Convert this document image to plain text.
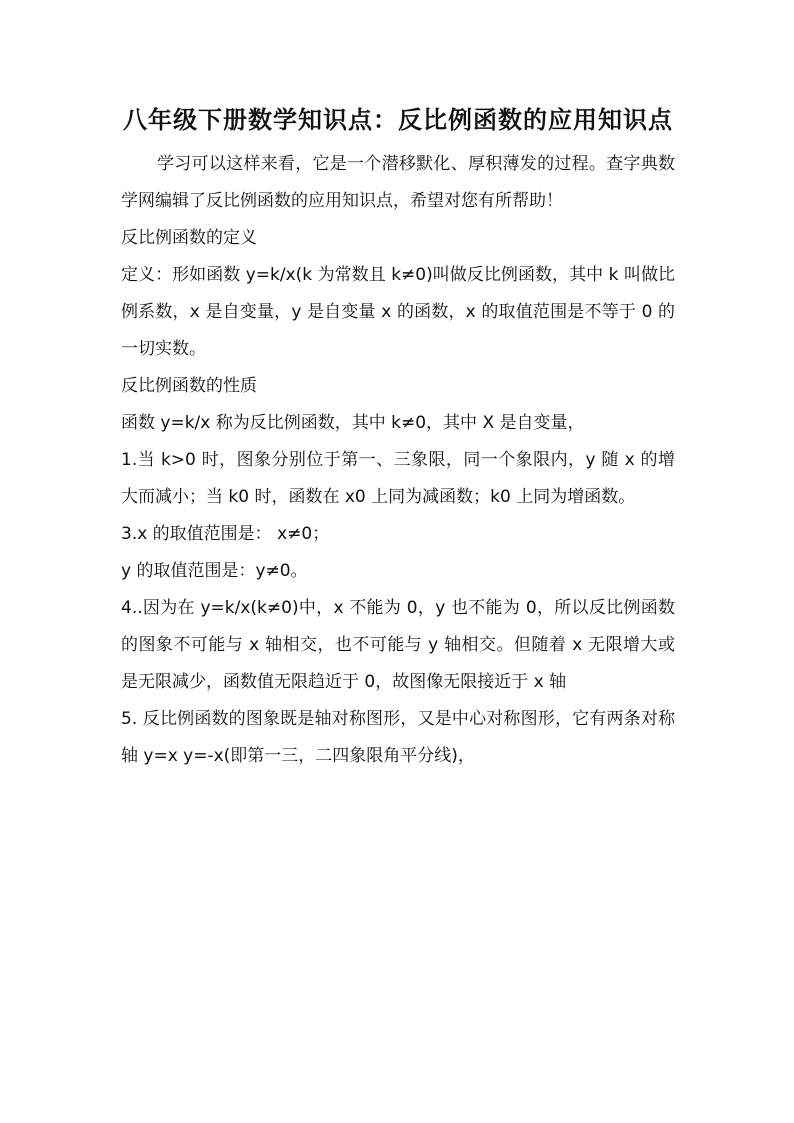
八年级下册数学知识点：反比例函数的应用知识点

学习可以这样来看，它是一个潜移默化、厚积薄发的过程。查字典数学网编辑了反比例函数的应用知识点，希望对您有所帮助！

反比例函数的定义

定义：形如函数 y=k/x(k 为常数且 k≠0)叫做反比例函数，其中 k 叫做比例系数，x 是自变量，y 是自变量 x 的函数，x 的取值范围是不等于 0 的一切实数。

反比例函数的性质

函数 y=k/x 称为反比例函数，其中 k≠0，其中 X 是自变量，

1.当 k>0 时，图象分别位于第一、三象限，同一个象限内，y 随 x 的增大而减小；当 k0 时，函数在 x0 上同为减函数；k0 上同为增函数。

3.x 的取值范围是： x≠0；

y 的取值范围是：y≠0。

4..因为在 y=k/x(k≠0)中，x 不能为 0，y 也不能为 0，所以反比例函数的图象不可能与 x 轴相交，也不可能与 y 轴相交。但随着 x 无限增大或是无限减少，函数值无限趋近于 0，故图像无限接近于 x 轴

5. 反比例函数的图象既是轴对称图形，又是中心对称图形，它有两条对称轴 y=x y=-x(即第一三，二四象限角平分线)，
